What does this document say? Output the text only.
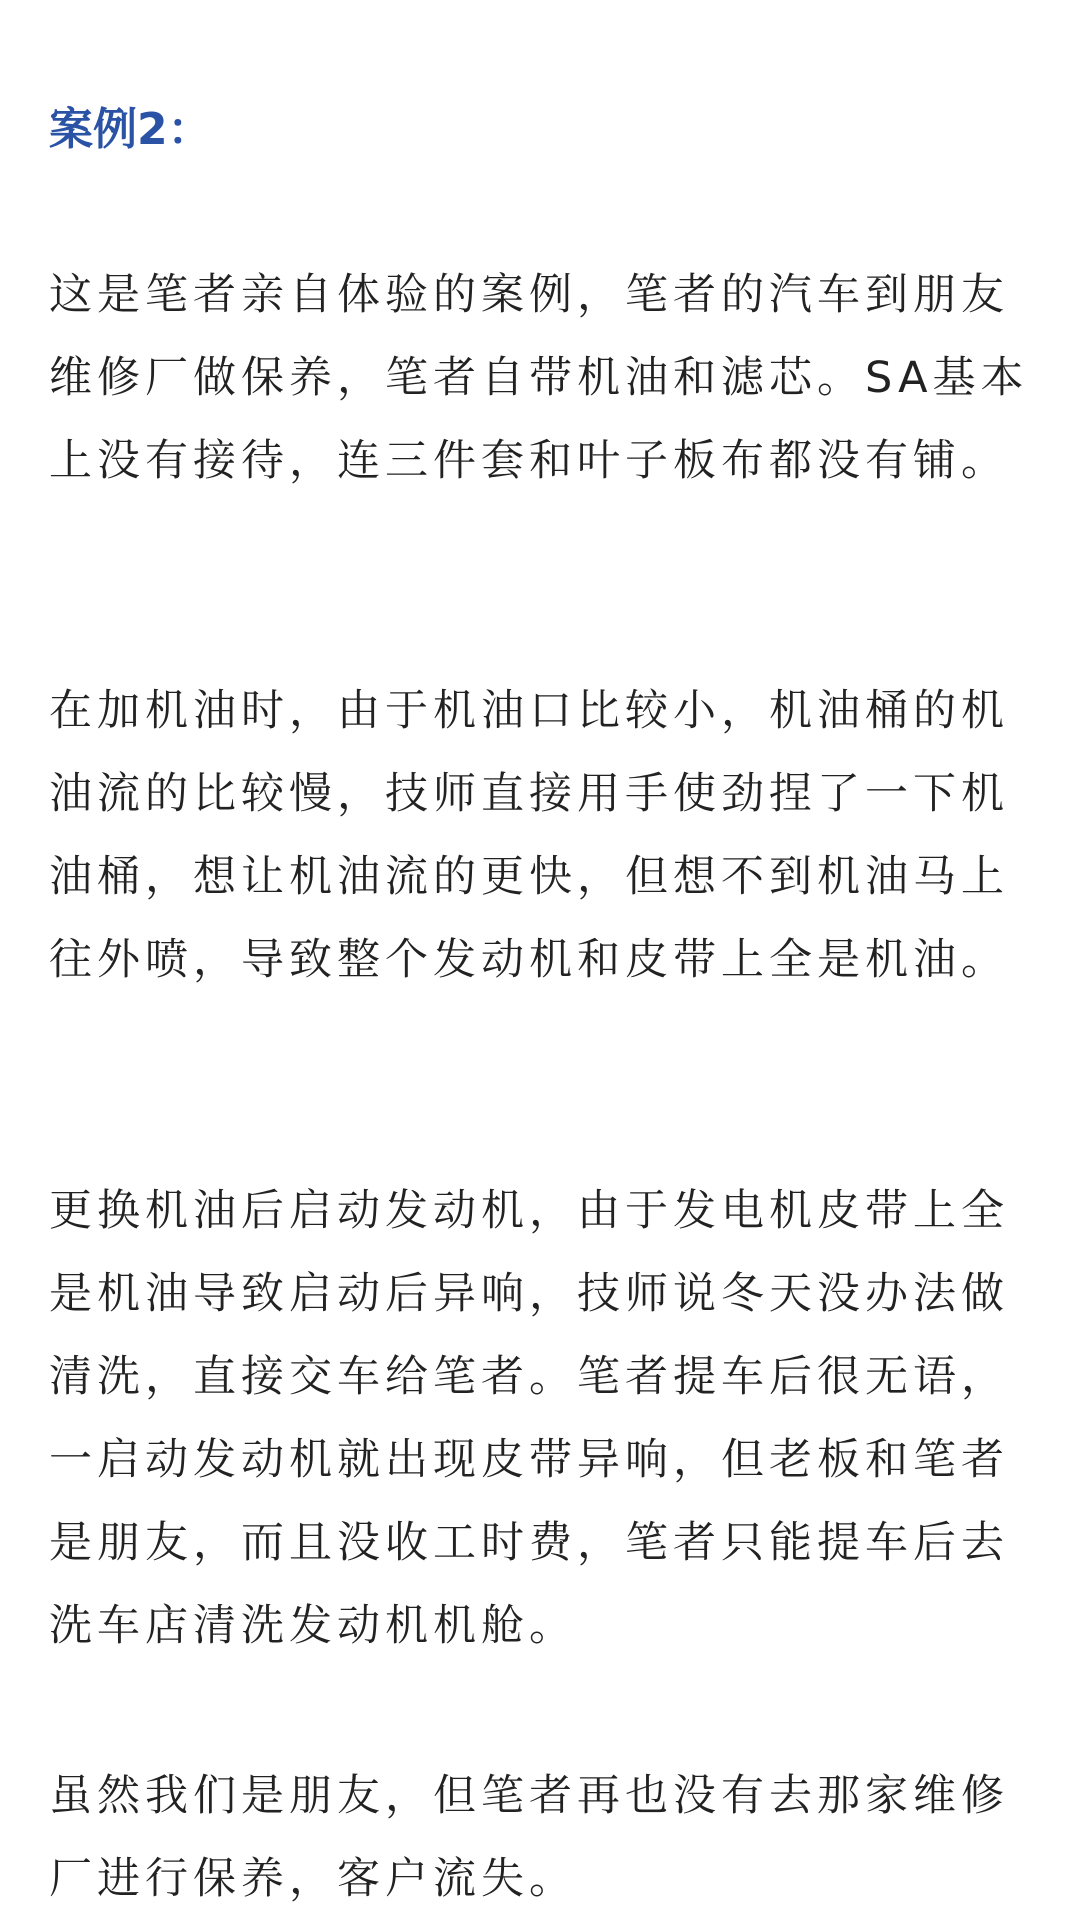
案例2：

这是笔者亲自体验的案例，笔者的汽车到朋友维修厂做保养，笔者自带机油和滤芯。SA基本上没有接待，连三件套和叶子板布都没有铺。

在加机油时，由于机油口比较小，机油桶的机油流的比较慢，技师直接用手使劲捏了一下机油桶，想让机油流的更快，但想不到机油马上往外喷，导致整个发动机和皮带上全是机油。

更换机油后启动发动机，由于发电机皮带上全是机油导致启动后异响，技师说冬天没办法做清洗，直接交车给笔者。笔者提车后很无语，一启动发动机就出现皮带异响，但老板和笔者是朋友，而且没收工时费，笔者只能提车后去洗车店清洗发动机机舱。

虽然我们是朋友，但笔者再也没有去那家维修厂进行保养，客户流失。
